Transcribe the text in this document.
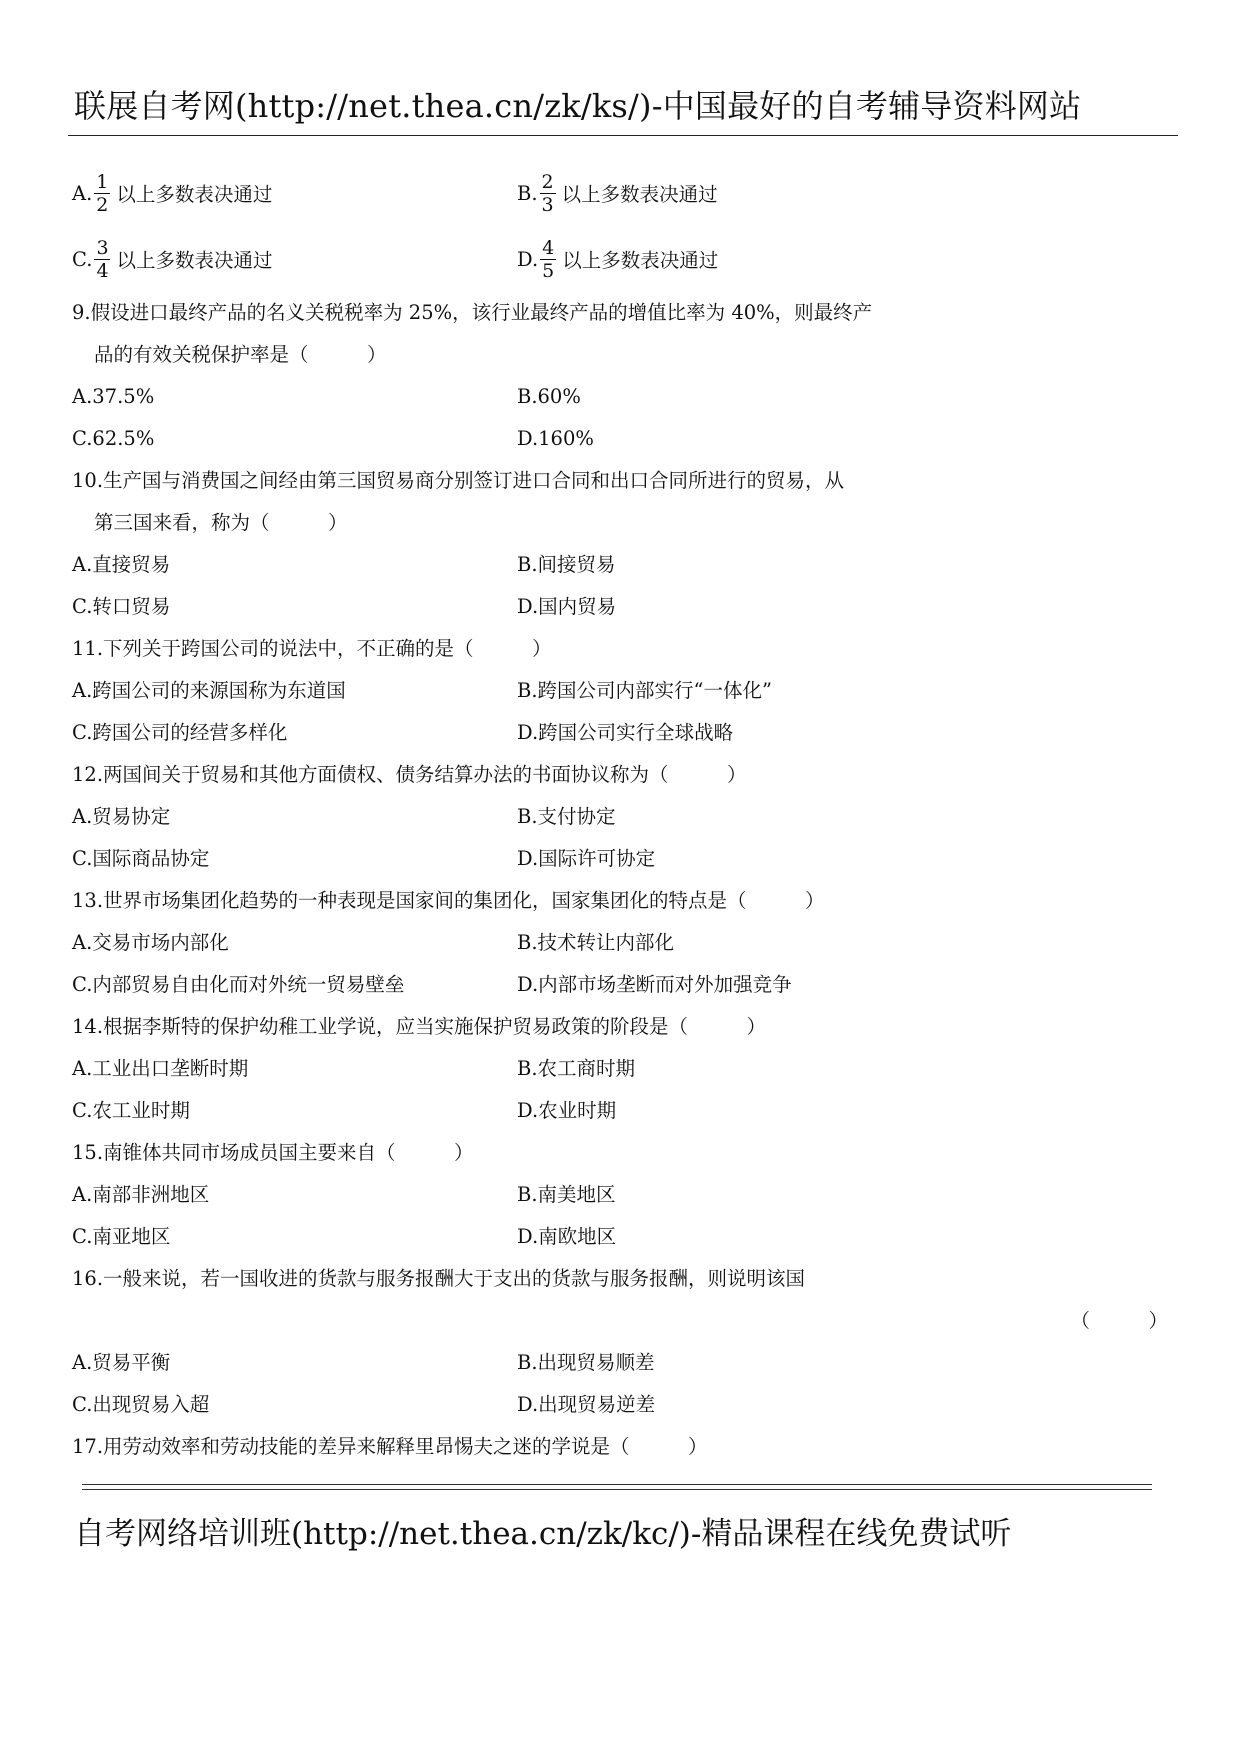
联展自考网(http://net.thea.cn/zk/ks/)-中国最好的自考辅导资料网站
A. $\frac{1}{2}$ 以上多数表决通过	B. $\frac{2}{3}$ 以上多数表决通过
C. $\frac{3}{4}$ 以上多数表决通过	D. $\frac{4}{5}$ 以上多数表决通过
9.假设进口最终产品的名义关税税率为 25%，该行业最终产品的增值比率为 40%，则最终产
品的有效关税保护率是（　　　）
A.37.5%	B.60%
C.62.5%	D.160%
10.生产国与消费国之间经由第三国贸易商分别签订进口合同和出口合同所进行的贸易，从
第三国来看，称为（　　　）
A.直接贸易	B.间接贸易
C.转口贸易	D.国内贸易
11.下列关于跨国公司的说法中，不正确的是（　　　）
A.跨国公司的来源国称为东道国	B.跨国公司内部实行“一体化”
C.跨国公司的经营多样化	D.跨国公司实行全球战略
12.两国间关于贸易和其他方面债权、债务结算办法的书面协议称为（　　　）
A.贸易协定	B.支付协定
C.国际商品协定	D.国际许可协定
13.世界市场集团化趋势的一种表现是国家间的集团化，国家集团化的特点是（　　　）
A.交易市场内部化	B.技术转让内部化
C.内部贸易自由化而对外统一贸易壁垒	D.内部市场垄断而对外加强竞争
14.根据李斯特的保护幼稚工业学说，应当实施保护贸易政策的阶段是（　　　）
A.工业出口垄断时期	B.农工商时期
C.农工业时期	D.农业时期
15.南锥体共同市场成员国主要来自（　　　）
A.南部非洲地区	B.南美地区
C.南亚地区	D.南欧地区
16.一般来说，若一国收进的货款与服务报酬大于支出的货款与服务报酬，则说明该国
（　　　）
A.贸易平衡	B.出现贸易顺差
C.出现贸易入超	D.出现贸易逆差
17.用劳动效率和劳动技能的差异来解释里昂惕夫之迷的学说是（　　　）
自考网络培训班(http://net.thea.cn/zk/kc/)-精品课程在线免费试听
